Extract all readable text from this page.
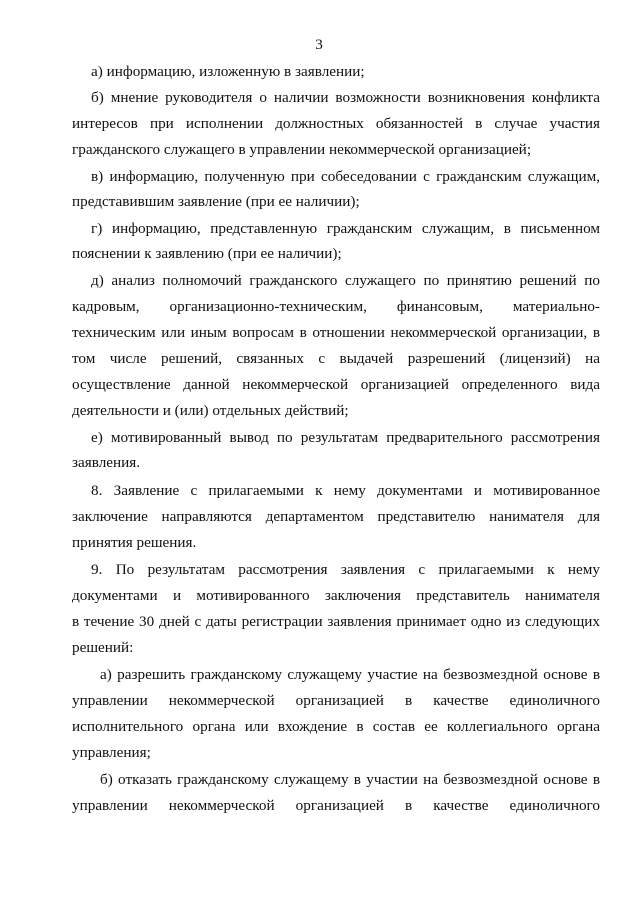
3
а) информацию, изложенную в заявлении;
б) мнение руководителя о наличии возможности возникновения конфликта
интересов при исполнении должностных обязанностей в случае участия
гражданского служащего в управлении некоммерческой организацией;
в) информацию, полученную при собеседовании с гражданским служащим,
представившим заявление (при ее наличии);
г) информацию, представленную гражданским служащим, в письменном
пояснении к заявлению (при ее наличии);
д) анализ полномочий гражданского служащего по принятию решений по
кадровым, организационно-техническим, финансовым, материально-
техническим или иным вопросам в отношении некоммерческой организации, в
том числе решений, связанных с выдачей разрешений (лицензий) на
осуществление данной некоммерческой организацией определенного вида
деятельности и (или) отдельных действий;
е) мотивированный вывод по результатам предварительного рассмотрения
заявления.
8. Заявление с прилагаемыми к нему документами и мотивированное
заключение направляются департаментом представителю нанимателя для
принятия решения.
9. По результатам рассмотрения заявления с прилагаемыми к нему
документами и мотивированного заключения представитель нанимателя
в течение 30 дней с даты регистрации заявления принимает одно из следующих
решений:
а) разрешить гражданскому служащему участие на безвозмездной основе в
управлении некоммерческой организацией в качестве единоличного
исполнительного органа или вхождение в состав ее коллегиального органа
управления;
б) отказать гражданскому служащему в участии на безвозмездной основе в
управлении некоммерческой организацией в качестве единоличного
